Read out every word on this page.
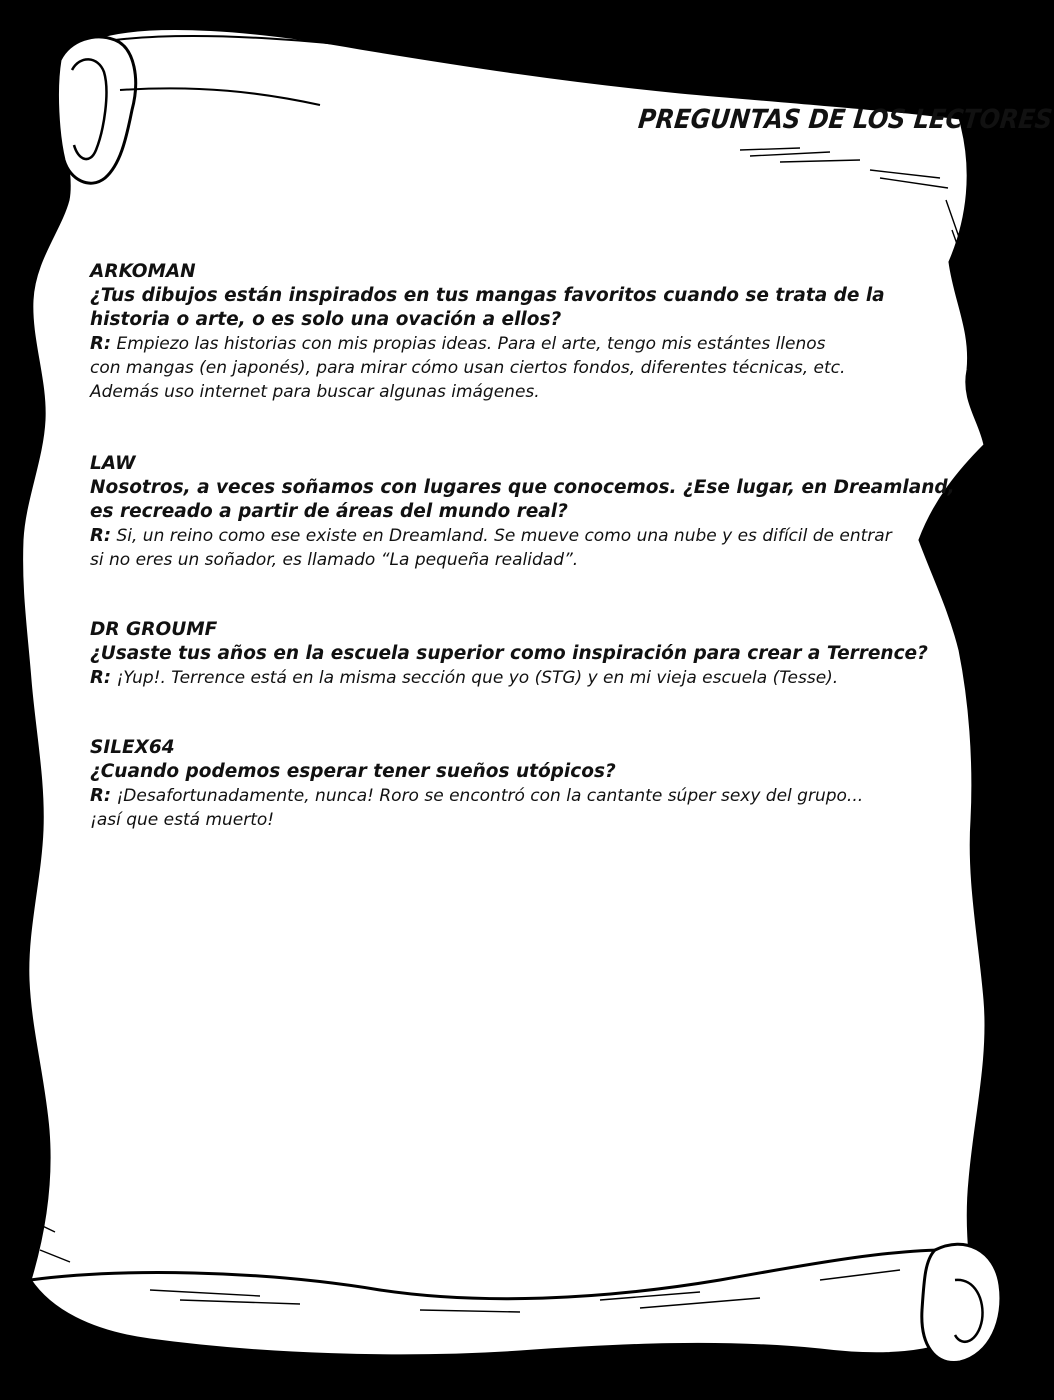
PREGUNTAS DE LOS LECTORES
ARKOMAN
¿Tus dibujos están inspirados en tus mangas favoritos cuando se trata de la
historia o arte, o es solo una ovación a ellos?
R: Empiezo las historias con mis propias ideas. Para el arte, tengo mis estántes llenos
con mangas (en japonés), para mirar cómo usan ciertos fondos, diferentes técnicas, etc.
Además uso internet para buscar algunas imágenes.
LAW
Nosotros, a veces soñamos con lugares que conocemos. ¿Ese lugar, en Dreamland,
es recreado a partir de áreas del mundo real?
R: Si, un reino como ese existe en Dreamland. Se mueve como una nube y es difícil de entrar
si no eres un soñador, es llamado “La pequeña realidad”.
DR GROUMF
¿Usaste tus años en la escuela superior como inspiración para crear a Terrence?
R: ¡Yup!. Terrence está en la misma sección que yo (STG) y en mi vieja escuela (Tesse).
SILEX64
¿Cuando podemos esperar tener sueños utópicos?
R: ¡Desafortunadamente, nunca! Roro se encontró con la cantante súper sexy del grupo...
¡así que está muerto!
